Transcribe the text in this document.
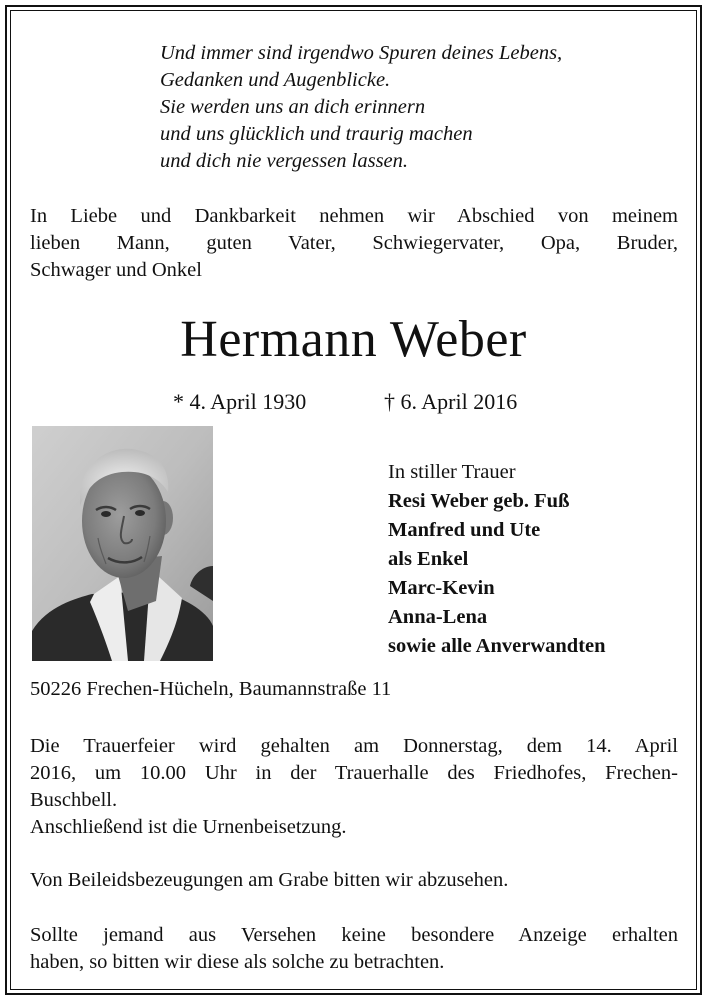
Und immer sind irgendwo Spuren deines Lebens,
Gedanken und Augenblicke.
Sie werden uns an dich erinnern
und uns glücklich und traurig machen
und dich nie vergessen lassen.
In Liebe und Dankbarkeit nehmen wir Abschied von meinem
lieben Mann, guten Vater, Schwiegervater, Opa, Bruder,
Schwager und Onkel
Hermann Weber
* 4. April 1930	† 6. April 2016
In stiller Trauer
Resi Weber geb. Fuß
Manfred und Ute
als Enkel
Marc-Kevin
Anna-Lena
sowie alle Anverwandten
50226 Frechen-Hücheln, Baumannstraße 11
Die Trauerfeier wird gehalten am Donnerstag, dem 14. April
2016, um 10.00 Uhr in der Trauerhalle des Friedhofes, Frechen-
Buschbell.
Anschließend ist die Urnenbeisetzung.
Von Beileidsbezeugungen am Grabe bitten wir abzusehen.
Sollte jemand aus Versehen keine besondere Anzeige erhalten
haben, so bitten wir diese als solche zu betrachten.
